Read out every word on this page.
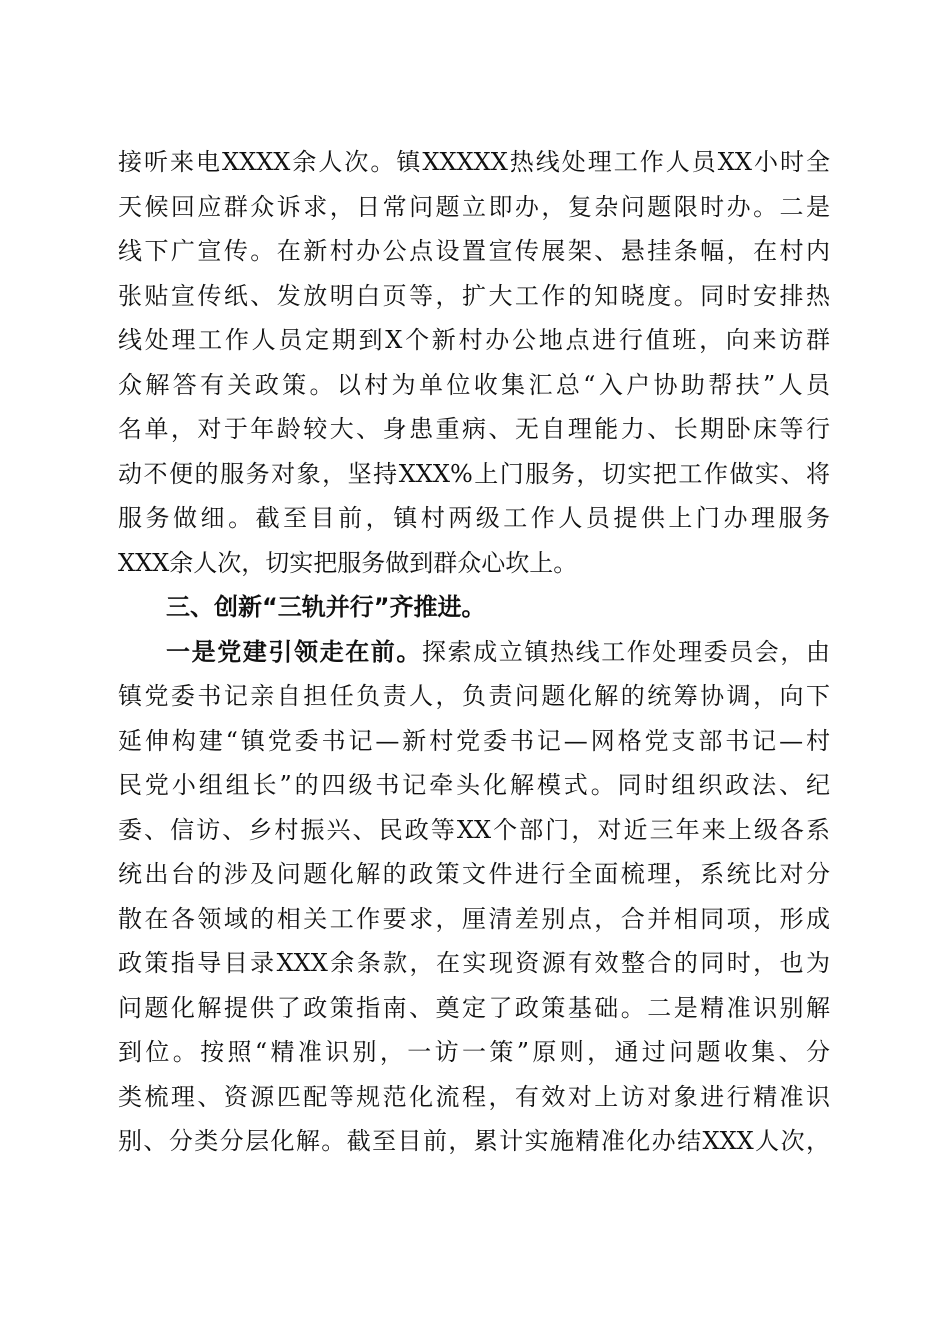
接听来电XXXX余人次。镇XXXXX热线处理工作人员XX小时全
天候回应群众诉求，日常问题立即办，复杂问题限时办。二是
线下广宣传。在新村办公点设置宣传展架、悬挂条幅，在村内
张贴宣传纸、发放明白页等，扩大工作的知晓度。同时安排热
线处理工作人员定期到X个新村办公地点进行值班，向来访群
众解答有关政策。以村为单位收集汇总“入户协助帮扶”人员
名单，对于年龄较大、身患重病、无自理能力、长期卧床等行
动不便的服务对象，坚持XXX%上门服务，切实把工作做实、将
服务做细。截至目前，镇村两级工作人员提供上门办理服务
XXX余人次，切实把服务做到群众心坎上。
三、创新“三轨并行”齐推进。
一是党建引领走在前。探索成立镇热线工作处理委员会，由
镇党委书记亲自担任负责人，负责问题化解的统筹协调，向下
延伸构建“镇党委书记—新村党委书记—网格党支部书记—村
民党小组组长”的四级书记牵头化解模式。同时组织政法、纪
委、信访、乡村振兴、民政等XX个部门，对近三年来上级各系
统出台的涉及问题化解的政策文件进行全面梳理，系统比对分
散在各领域的相关工作要求，厘清差别点，合并相同项，形成
政策指导目录XXX余条款，在实现资源有效整合的同时，也为
问题化解提供了政策指南、奠定了政策基础。二是精准识别解
到位。按照“精准识别，一访一策”原则，通过问题收集、分
类梳理、资源匹配等规范化流程，有效对上访对象进行精准识
别、分类分层化解。截至目前，累计实施精准化办结XXX人次，
